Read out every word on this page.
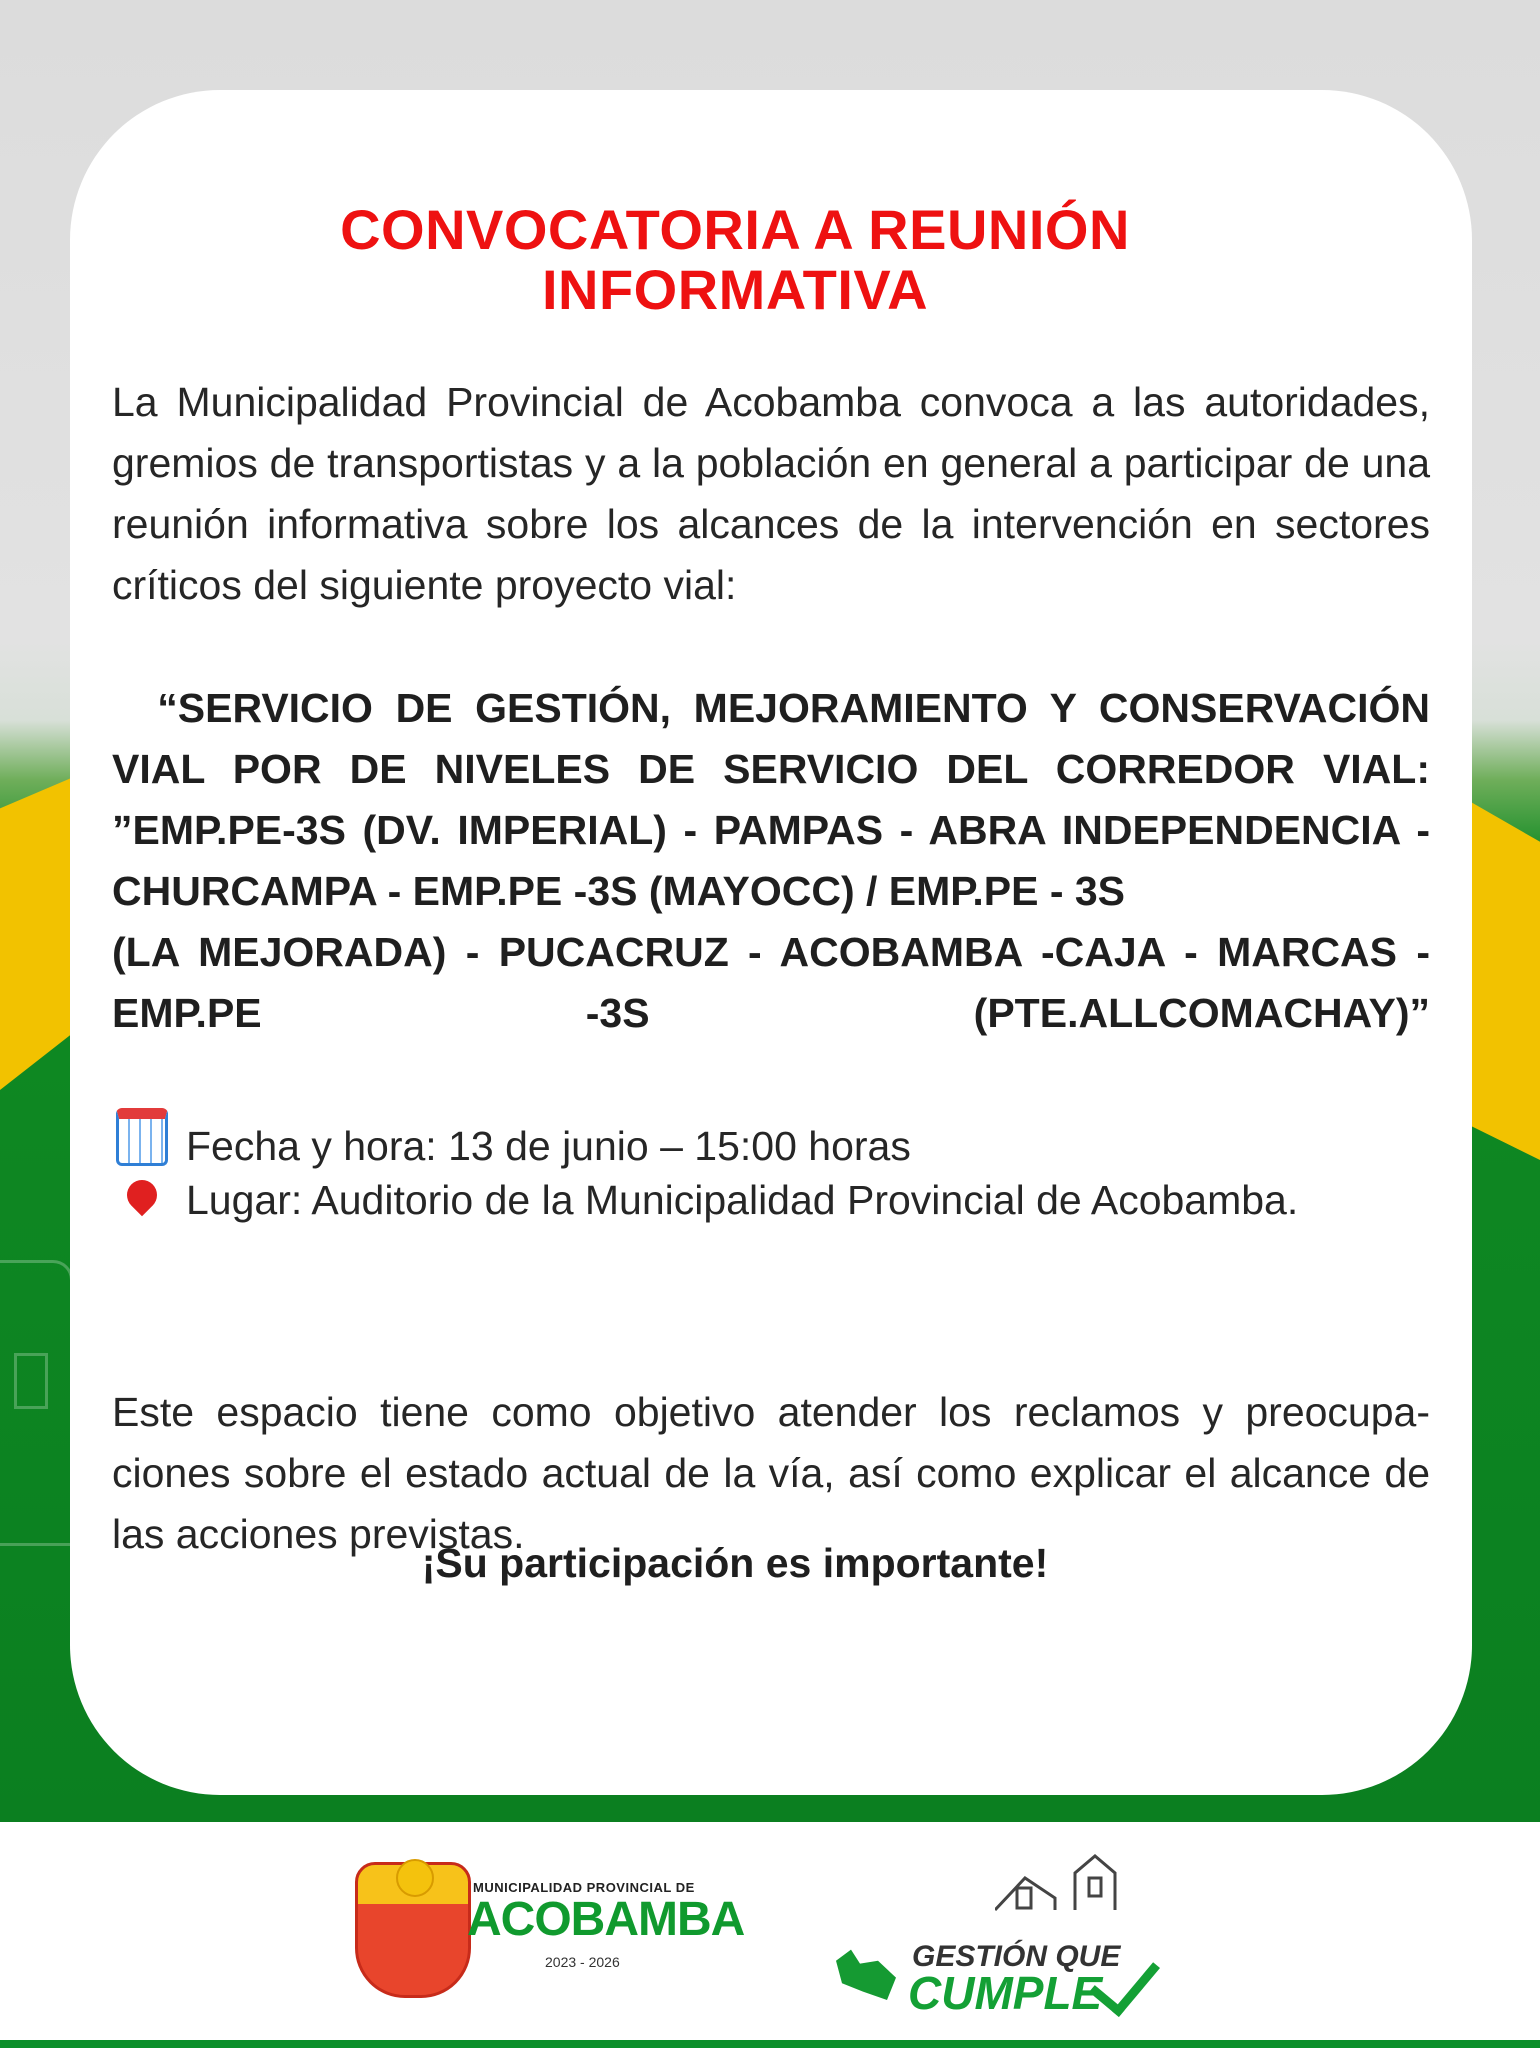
CONVOCATORIA A REUNIÓN
INFORMATIVA
La Municipalidad Provincial de Acobamba convoca a las autoridades, gremios de transportistas y a la población en general a participar de una reunión informativa sobre los alcances de la intervención en sectores críticos del siguiente proyecto vial:
“SERVICIO DE GESTIÓN, MEJORAMIENTO Y CONSERVACIÓN VIAL POR DE NIVELES DE SERVICIO DEL CORREDOR VIAL: ”EMP.PE-3S (DV. IMPERIAL) - PAMPAS - ABRA INDEPENDENCIA - CHURCAMPA - EMP.PE -3S (MAYOCC) / EMP.PE - 3S
(LA MEJORADA) - PUCACRUZ - ACOBAMBA -CAJA - MARCAS - EMP.PE -3S (PTE.ALLCOMACHAY)”
Fecha y hora: 13 de junio – 15:00 horas
Lugar: Auditorio de la Municipalidad Provincial de Acobamba.
Este espacio tiene como objetivo atender los reclamos y preocupa-ciones sobre el estado actual de la vía, así como explicar el alcance de las acciones previstas.
¡Su participación es importante!
MUNICIPALIDAD PROVINCIAL DE
ACOBAMBA
2023 - 2026	GESTIÓN QUE
CUMPLE
